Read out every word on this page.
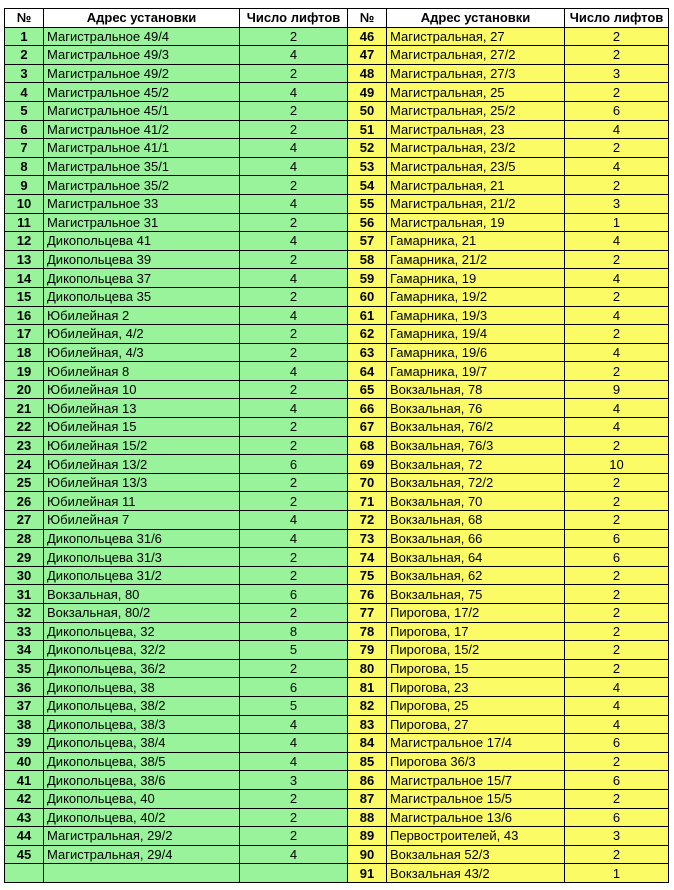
№	Адрес установки	Число лифтов	№	Адрес установки	Число лифтов
1	Магистральное 49/4	2	46	Магистральная, 27	2
2	Магистральное 49/3	4	47	Магистральная, 27/2	2
3	Магистральное 49/2	2	48	Магистральная, 27/3	3
4	Магистральное 45/2	4	49	Магистральная, 25	2
5	Магистральное 45/1	2	50	Магистральная, 25/2	6
6	Магистральное 41/2	2	51	Магистральная, 23	4
7	Магистральное 41/1	4	52	Магистральная, 23/2	2
8	Магистральное 35/1	4	53	Магистральная, 23/5	4
9	Магистральное 35/2	2	54	Магистральная, 21	2
10	Магистральное 33	4	55	Магистральная, 21/2	3
11	Магистральное 31	2	56	Магистральная, 19	1
12	Дикопольцева 41	4	57	Гамарника, 21	4
13	Дикопольцева 39	2	58	Гамарника, 21/2	2
14	Дикопольцева 37	4	59	Гамарника, 19	4
15	Дикопольцева 35	2	60	Гамарника, 19/2	2
16	Юбилейная 2	4	61	Гамарника, 19/3	4
17	Юбилейная, 4/2	2	62	Гамарника, 19/4	2
18	Юбилейная, 4/3	2	63	Гамарника, 19/6	4
19	Юбилейная 8	4	64	Гамарника, 19/7	2
20	Юбилейная 10	2	65	Вокзальная, 78	9
21	Юбилейная 13	4	66	Вокзальная, 76	4
22	Юбилейная 15	2	67	Вокзальная, 76/2	4
23	Юбилейная 15/2	2	68	Вокзальная, 76/3	2
24	Юбилейная 13/2	6	69	Вокзальная, 72	10
25	Юбилейная 13/3	2	70	Вокзальная, 72/2	2
26	Юбилейная 11	2	71	Вокзальная, 70	2
27	Юбилейная 7	4	72	Вокзальная, 68	2
28	Дикопольцева 31/6	4	73	Вокзальная, 66	6
29	Дикопольцева 31/3	2	74	Вокзальная, 64	6
30	Дикопольцева 31/2	2	75	Вокзальная, 62	2
31	Вокзальная, 80	6	76	Вокзальная, 75	2
32	Вокзальная, 80/2	2	77	Пирогова, 17/2	2
33	Дикопольцева, 32	8	78	Пирогова, 17	2
34	Дикопольцева, 32/2	5	79	Пирогова, 15/2	2
35	Дикопольцева, 36/2	2	80	Пирогова, 15	2
36	Дикопольцева, 38	6	81	Пирогова, 23	4
37	Дикопольцева, 38/2	5	82	Пирогова, 25	4
38	Дикопольцева, 38/3	4	83	Пирогова, 27	4
39	Дикопольцева, 38/4	4	84	Магистральное 17/4	6
40	Дикопольцева, 38/5	4	85	Пирогова 36/3	2
41	Дикопольцева, 38/6	3	86	Магистральное 15/7	6
42	Дикопольцева, 40	2	87	Магистральное 15/5	2
43	Дикопольцева, 40/2	2	88	Магистральное 13/6	6
44	Магистральная, 29/2	2	89	Первостроителей, 43	3
45	Магистральная, 29/4	4	90	Вокзальная 52/3	2
			91	Вокзальная 43/2	1
